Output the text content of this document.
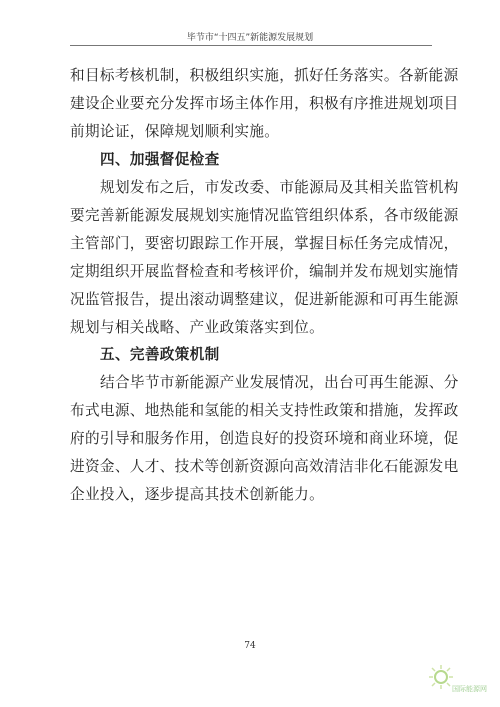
毕节市“十四五”新能源发展规划
和目标考核机制，积极组织实施，抓好任务落实。各新能源
建设企业要充分发挥市场主体作用，积极有序推进规划项目
前期论证，保障规划顺利实施。
四、加强督促检查
规划发布之后，市发改委、市能源局及其相关监管机构
要完善新能源发展规划实施情况监管组织体系，各市级能源
主管部门，要密切跟踪工作开展，掌握目标任务完成情况，
定期组织开展监督检查和考核评价，编制并发布规划实施情
况监管报告，提出滚动调整建议，促进新能源和可再生能源
规划与相关战略、产业政策落实到位。
五、完善政策机制
结合毕节市新能源产业发展情况，出台可再生能源、分
布式电源、地热能和氢能的相关支持性政策和措施，发挥政
府的引导和服务作用，创造良好的投资环境和商业环境，促
进资金、人才、技术等创新资源向高效清洁非化石能源发电
企业投入，逐步提高其技术创新能力。
74
国际能源网
